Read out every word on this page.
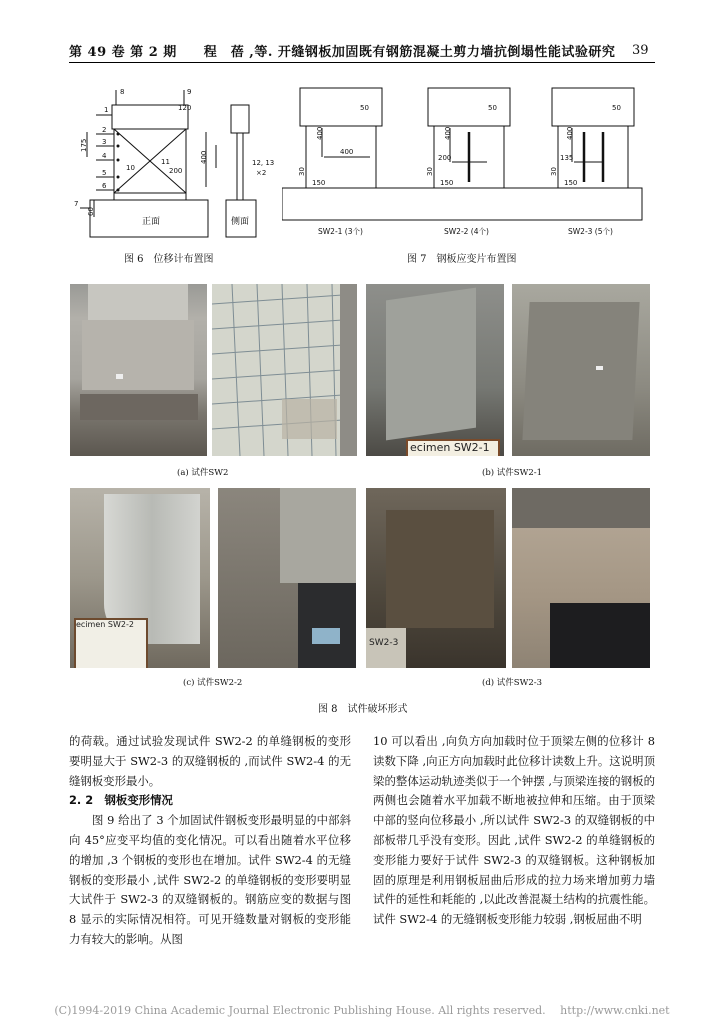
第 49 卷 第 2 期　　程　蓓 ,等. 开缝钢板加固既有钢筋混凝土剪力墙抗倒塌性能试验研究 39
1
2
3
4
5
6
7
8	9
10
11
120
175
400
200
60
12, 13
×2
正面	侧面
图 6　位移计布置图
50
400
400
30
150
50
400
200
30
150
50
400
135
30
150
SW2-1 (3个)	SW2-2 (4个)	SW2-3 (5个)
图 7　钢板应变片布置图
ecimen SW2-1
(a) 试件SW2	(b) 试件SW2-1
ecimen SW2-2
SW2-3
(c) 试件SW2-2	(d) 试件SW2-3
图 8　试件破坏形式

的荷载。通过试验发现试件 SW2-2 的单缝钢板的变形要明显大于 SW2-3 的双缝钢板的 ,而试件 SW2-4 的无缝钢板变形最小。

2. 2　钢板变形情况

　　图 9 给出了 3 个加固试件钢板变形最明显的中部斜向 45°应变平均值的变化情况。可以看出随着水平位移的增加 ,3 个钢板的变形也在增加。试件 SW2-4 的无缝钢板的变形最小 ,试件 SW2-2 的单缝钢板的变形要明显大试件于 SW2-3 的双缝钢板的。钢筋应变的数据与图 8 显示的实际情况相符。可见开缝数量对钢板的变形能力有较大的影响。从图

10 可以看出 ,向负方向加载时位于顶梁左侧的位移计 8 读数下降 ,向正方向加载时此位移计读数上升。这说明顶梁的整体运动轨迹类似于一个钟摆 ,与顶梁连接的钢板的两侧也会随着水平加载不断地被拉伸和压缩。由于顶梁中部的竖向位移最小 ,所以试件 SW2-3 的双缝钢板的中部板带几乎没有变形。因此 ,试件 SW2-2 的单缝钢板的变形能力要好于试件 SW2-3 的双缝钢板。这种钢板加固的原理是利用钢板屈曲后形成的拉力场来增加剪力墙试件的延性和耗能的 ,以此改善混凝土结构的抗震性能。试件 SW2-4 的无缝钢板变形能力较弱 ,钢板屈曲不明

(C)1994-2019 China Academic Journal Electronic Publishing House. All rights reserved.　 http://www.cnki.net
